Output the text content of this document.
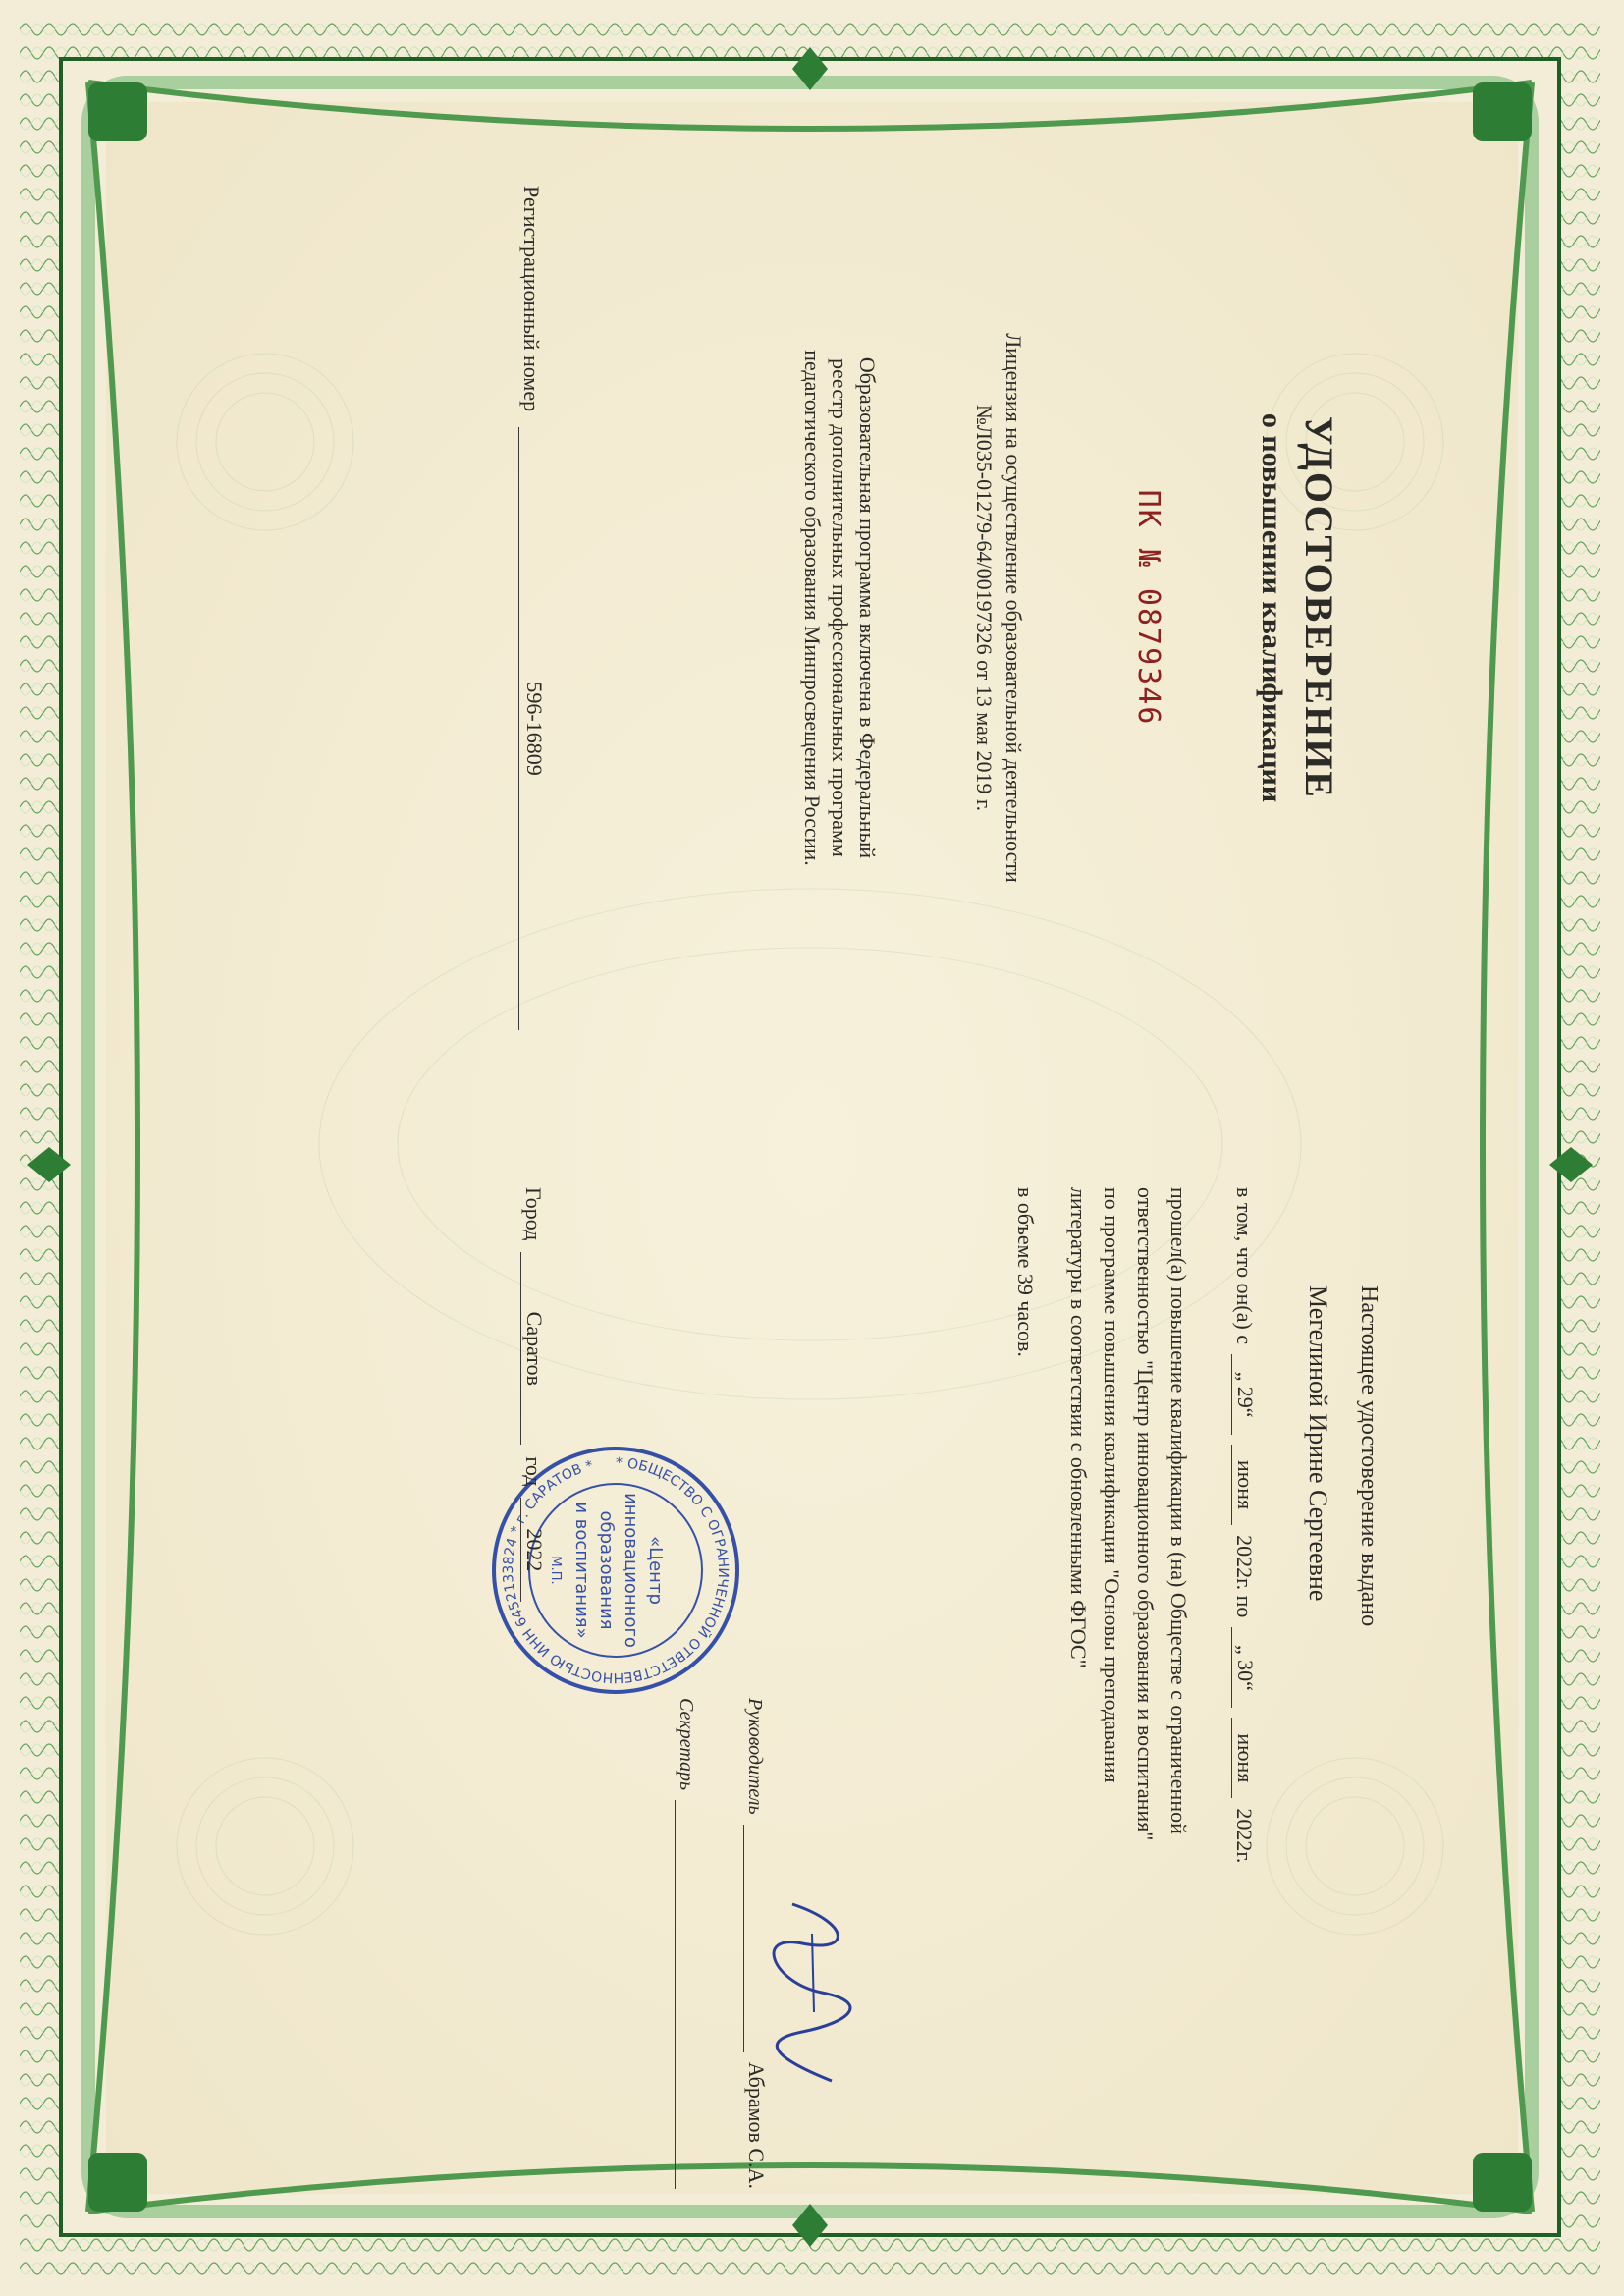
УДОСТОВЕРЕНИЕ
о повышении квалификации
ПК № 0879346
Лицензия на осуществление образовательной деятельности
№Л035-01279-64/00197326 от 13 мая 2019 г.
Образовательная программа включена в Федеральный
реестр дополнительных профессиональных программ
педагогического образования Минпросвещения России.
Регистрационный номер
596-16809
Настоящее удостоверение выдано
Мегелиной Ирине Сергеевне
в том, что он(а) с
„ 29“
июня
2022г. по
„ 30“
июня
2022г.
прошел(а) повышение квалификации в (на) Обществе с ограниченной
ответственностью "Центр инновационного образования и воспитания"
по программе повышения квалификации "Основы преподавания
литературы в соответствии с обновленными ФГОС"
в объеме 39 часов.
Руководитель
Абрамов С.А.
Секретарь
* ОБЩЕСТВО С ОГРАНИЧЕННОЙ ОТВЕТСТВЕННОСТЬЮ ИНН 6452133824 * г. САРАТОВ *
«Центр
инновационного
образования
и воспитания»
М.П.
Город
Саратов
год
2022
